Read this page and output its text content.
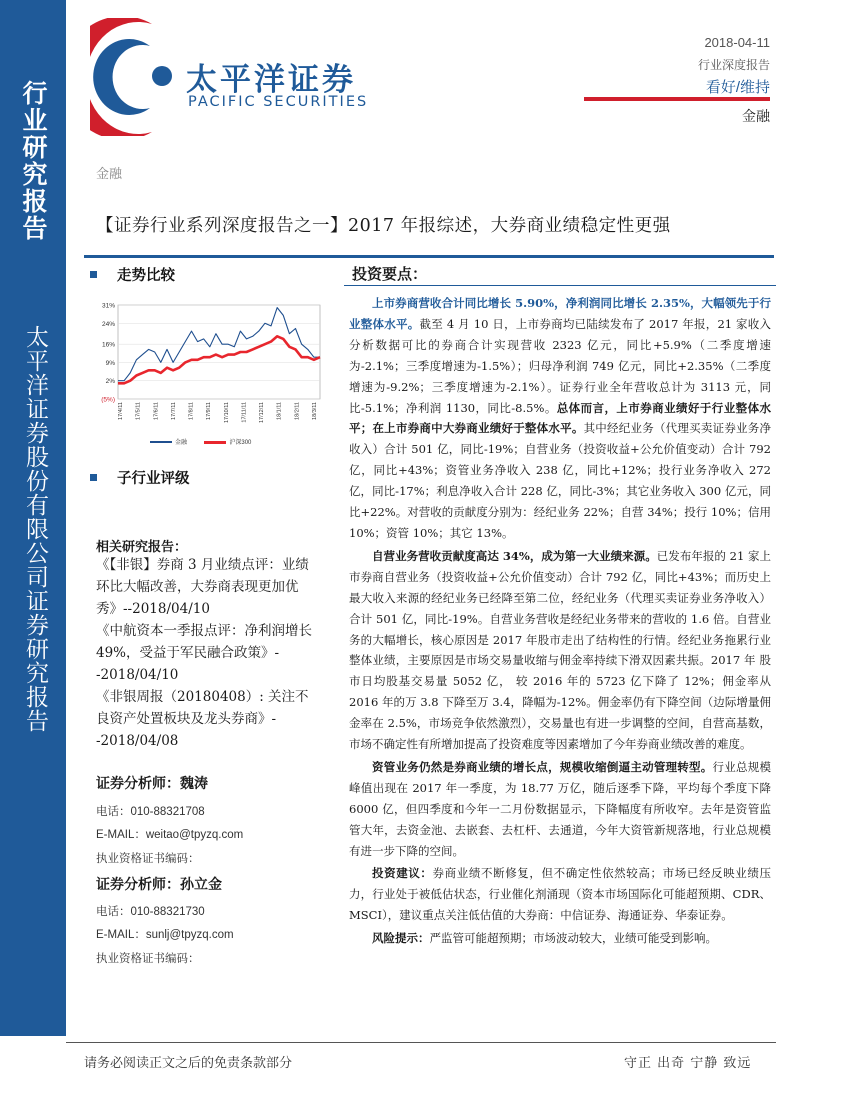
行业研究报告
太平洋证券股份有限公司证券研究报告
太平洋证券
PACIFIC SECURITIES
2018-04-11
行业深度报告
看好/维持
金融
金融
【证券行业系列深度报告之一】2017 年报综述，大券商业绩稳定性更强
走势比较
31%
24%
16%
9%
2%
(5%)
17/4/11 17/5/11 17/6/11 17/7/11 17/8/11 17/9/11 17/10/11 17/11/11 17/12/11 18/1/11 18/2/11 18/3/11
金融	沪深300
子行业评级
相关研究报告：
《【非银】券商 3 月业绩点评：业绩环比大幅改善，大券商表现更加优秀》--2018/04/10
《中航资本一季报点评：净利润增长 49%，受益于军民融合政策》--2018/04/10
《非银周报（20180408）: 关注不良资产处置板块及龙头券商》--2018/04/08
证券分析师：魏涛
电话：010-88321708
E-MAIL：weitao@tpyzq.com
执业资格证书编码：
证券分析师：孙立金
电话：010-88321730
E-MAIL：sunlj@tpyzq.com
执业资格证书编码：
投资要点：

上市券商营收合计同比增长 5.90%，净利润同比增长 2.35%，大幅领先于行业整体水平。截至 4 月 10 日，上市券商均已陆续发布了 2017 年报，21 家收入分析数据可比的券商合计实现营收 2323 亿元，同比+5.9%（二季度增速为-2.1%；三季度增速为-1.5%）；归母净利润 749 亿元，同比+2.35%（二季度增速为-9.2%；三季度增速为-2.1%）。证券行业全年营收总计为 3113 元，同比-5.1%；净利润 1130，同比-8.5%。总体而言，上市券商业绩好于行业整体水平；在上市券商中大券商业绩好于整体水平。其中经纪业务（代理买卖证券业务净收入）合计 501 亿，同比-19%；自营业务（投资收益+公允价值变动）合计 792 亿，同比+43%；资管业务净收入 238 亿，同比+12%；投行业务净收入 272 亿，同比-17%；利息净收入合计 228 亿，同比-3%；其它业务收入 300 亿元，同比+22%。对营收的贡献度分别为：经纪业务 22%；自营 34%；投行 10%；信用 10%；资管 10%；其它 13%。

自营业务营收贡献度高达 34%，成为第一大业绩来源。已发布年报的 21 家上市券商自营业务（投资收益+公允价值变动）合计 792 亿，同比+43%；而历史上最大收入来源的经纪业务已经降至第二位，经纪业务（代理买卖证券业务净收入）合计 501 亿，同比-19%。自营业务营收是经纪业务带来的营收的 1.6 倍。自营业务的大幅增长，核心原因是 2017 年股市走出了结构性的行情。经纪业务拖累行业整体业绩，主要原因是市场交易量收缩与佣金率持续下滑双因素共振。2017 年 股市日均股基交易量 5052 亿， 较 2016 年的 5723 亿下降了 12%；佣金率从 2016 年的万 3.8 下降至万 3.4，降幅为-12%。佣金率仍有下降空间（边际增量佣金率在 2.5%，市场竞争依然激烈），交易量也有进一步调整的空间，自营高基数，市场不确定性有所增加提高了投资难度等因素增加了今年券商业绩改善的难度。

资管业务仍然是券商业绩的增长点，规模收缩倒逼主动管理转型。行业总规模峰值出现在 2017 年一季度，为 18.77 万亿，随后逐季下降，平均每个季度下降 6000 亿，但四季度和今年一二月份数据显示，下降幅度有所收窄。去年是资管监管大年，去资金池、去嵌套、去杠杆、去通道，今年大资管新规落地，行业总规模有进一步下降的空间。

投资建议：券商业绩不断修复，但不确定性依然较高；市场已经反映业绩压力，行业处于被低估状态，行业催化剂涌现（资本市场国际化可能超预期、CDR、MSCI），建议重点关注低估值的大券商：中信证券、海通证券、华泰证券。

风险提示：严监管可能超预期；市场波动较大，业绩可能受到影响。

请务必阅读正文之后的免责条款部分	守正 出奇 宁静 致远
